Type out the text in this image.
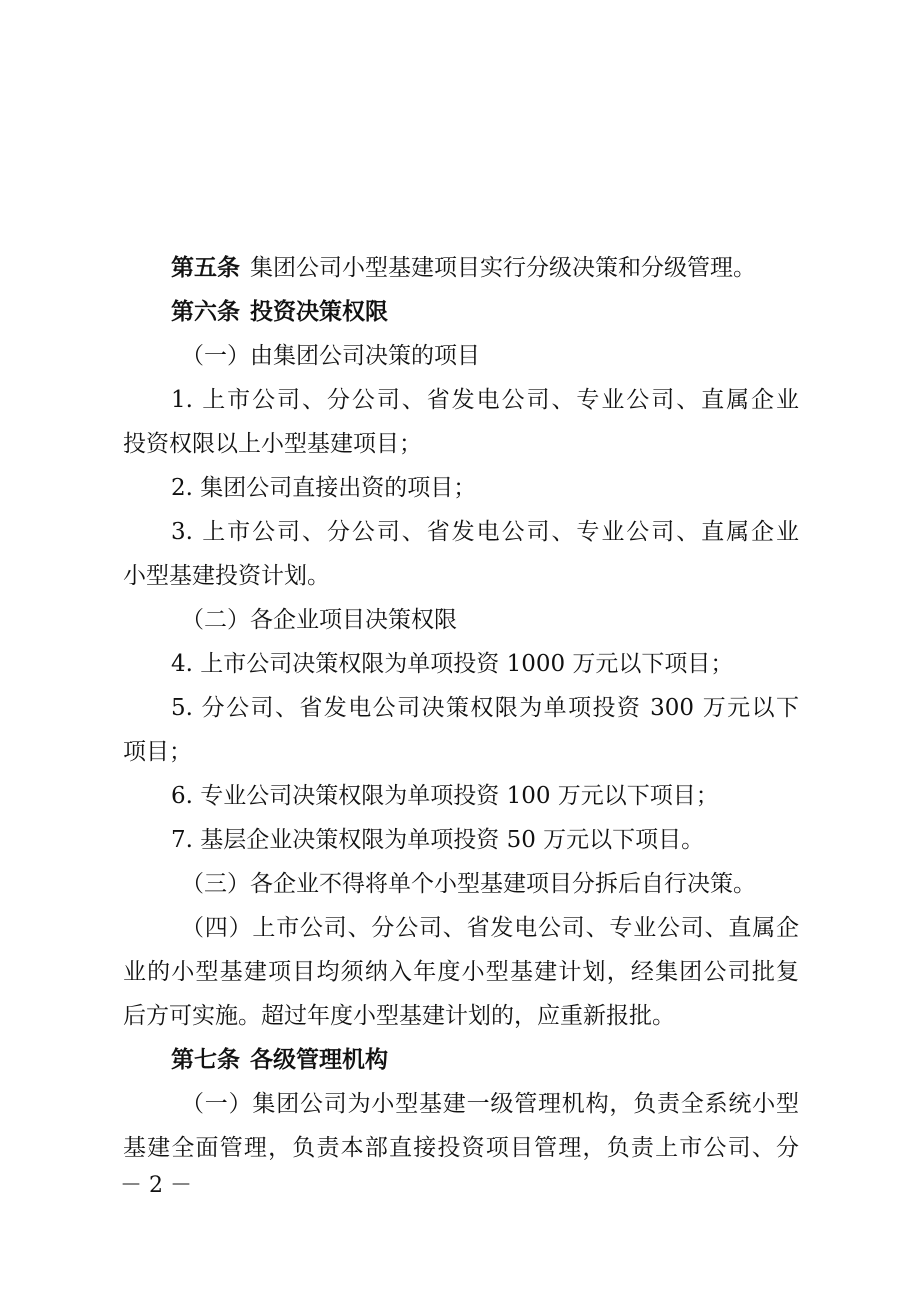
第五条 集团公司小型基建项目实行分级决策和分级管理。
第六条 投资决策权限
（一）由集团公司决策的项目
1. 上市公司、分公司、省发电公司、专业公司、直属企业
投资权限以上小型基建项目；
2. 集团公司直接出资的项目；
3. 上市公司、分公司、省发电公司、专业公司、直属企业
小型基建投资计划。
（二）各企业项目决策权限
4. 上市公司决策权限为单项投资 1000 万元以下项目；
5. 分公司、省发电公司决策权限为单项投资 300 万元以下
项目；
6. 专业公司决策权限为单项投资 100 万元以下项目；
7. 基层企业决策权限为单项投资 50 万元以下项目。
（三）各企业不得将单个小型基建项目分拆后自行决策。
（四）上市公司、分公司、省发电公司、专业公司、直属企
业的小型基建项目均须纳入年度小型基建计划，经集团公司批复
后方可实施。超过年度小型基建计划的，应重新报批。
第七条 各级管理机构
（一）集团公司为小型基建一级管理机构，负责全系统小型
基建全面管理，负责本部直接投资项目管理，负责上市公司、分
－ 2 －
